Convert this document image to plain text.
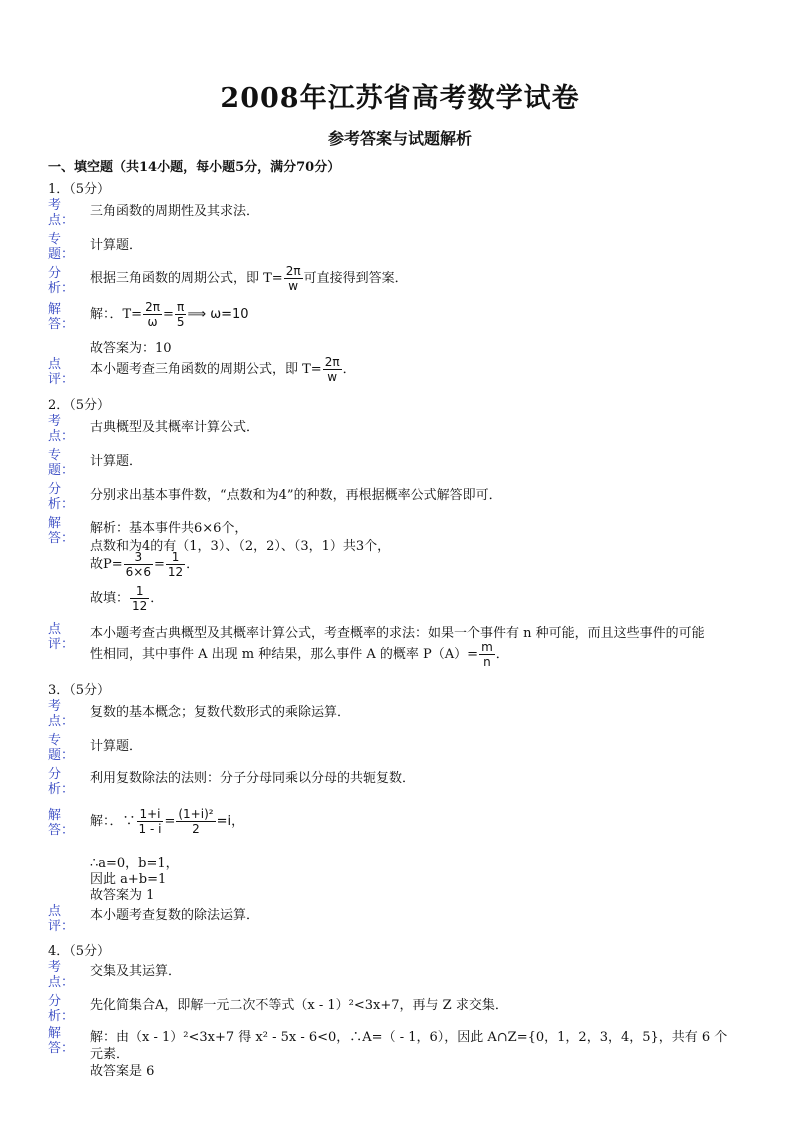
2008年江苏省高考数学试卷
参考答案与试题解析
一、填空题（共14小题，每小题5分，满分70分）
1．（5分）
考点：
三角函数的周期性及其求法．
专题：
计算题．
分析：
根据三角函数的周期公式，即 $T= \frac{2\pi}{w}$ 可直接得到答案．
解答：
解：．$T= \frac{2\pi}{\omega} = \frac{\pi}{5}$ ⟹ ω=10
故答案为：10
点评：
本小题考查三角函数的周期公式，即 $T= \frac{2\pi}{w}$ ．
2．（5分）
考点：
古典概型及其概率计算公式．
专题：
计算题．
分析：
分别求出基本事件数，“点数和为4”的种数，再根据概率公式解答即可．
解答：
解析：基本事件共6×6个，
点数和为4的有（1，3）、（2，2）、（3，1）共3个，
故$P= \frac{3}{6\times 6} = \frac{1}{12}$ ．
故填： $\frac{1}{12}$ ．
点评：
本小题考查古典概型及其概率计算公式，考查概率的求法：如果一个事件有 n 种可能，而且这些事件的可能
性相同，其中事件 A 出现 m 种结果，那么事件 A 的概率 $P(A)= \frac{m}{n}$ ．
3．（5分）
考点：
复数的基本概念；复数代数形式的乘除运算．
专题：
计算题．
分析：
利用复数除法的法则：分子分母同乘以分母的共轭复数．
解答：
解：．∵ $\frac{1+i}{1 - i} = \frac{\text{(1+i)²}}{2} =i$，
∴a=0，b=1，
因此 a+b=1
故答案为 1
点评：
本小题考查复数的除法运算．
4．（5分）
考点：
交集及其运算．
分析：
先化简集合A，即解一元二次不等式（x - 1）²<3x+7，再与 Z 求交集．
解答：
解：由（x - 1）²<3x+7 得 x² - 5x - 6<0，∴A=（ - 1，6），因此 A∩Z={0，1，2，3，4，5}，共有 6 个
元素．
故答案是 6
